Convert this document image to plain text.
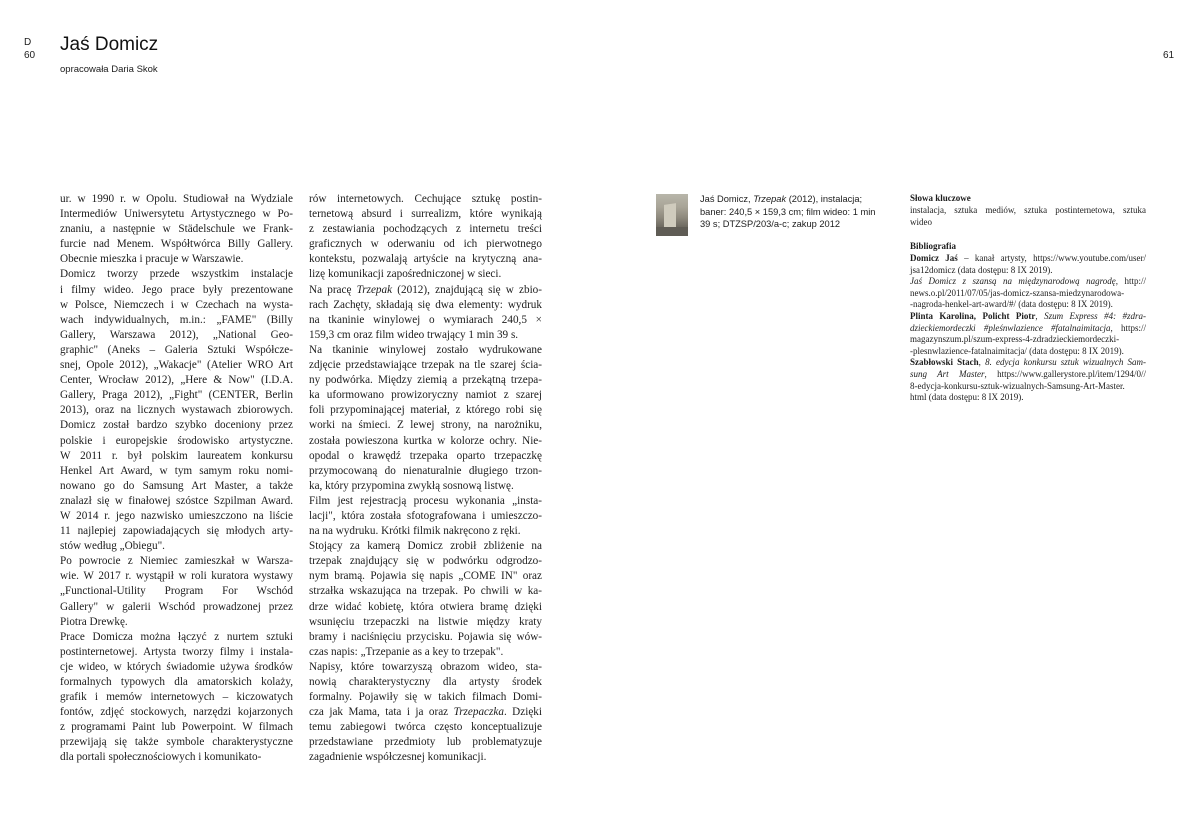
D
60	61
Jaś Domicz
opracowała Daria Skok
ur. w 1990 r. w Opolu. Studiował na Wydziale
Intermediów Uniwersytetu Artystycznego w Po-
znaniu, a następnie w Städelschule we Frank-
furcie nad Menem. Współtwórca Billy Gallery.
Obecnie mieszka i pracuje w Warszawie.
Domicz tworzy przede wszystkim instalacje
i filmy wideo. Jego prace były prezentowane
w Polsce, Niemczech i w Czechach na wysta-
wach indywidualnych, m.in.: „FAME" (Billy
Gallery, Warszawa 2012), „National Geo-
graphic" (Aneks – Galeria Sztuki Współcze-
snej, Opole 2012), „Wakacje" (Atelier WRO Art
Center, Wrocław 2012), „Here & Now" (I.D.A.
Gallery, Praga 2012), „Fight" (CENTER, Berlin
2013), oraz na licznych wystawach zbiorowych.
Domicz został bardzo szybko doceniony przez
polskie i europejskie środowisko artystyczne.
W 2011 r. był polskim laureatem konkursu
Henkel Art Award, w tym samym roku nomi-
nowano go do Samsung Art Master, a także
znalazł się w finałowej szóstce Szpilman Award.
W 2014 r. jego nazwisko umieszczono na liście
11 najlepiej zapowiadających się młodych arty-
stów według „Obiegu".
Po powrocie z Niemiec zamieszkał w Warsza-
wie. W 2017 r. wystąpił w roli kuratora wystawy
„Functional-Utility Program For Wschód
Gallery" w galerii Wschód prowadzonej przez
Piotra Drewkę.
Prace Domicza można łączyć z nurtem sztuki
postinternetowej. Artysta tworzy filmy i instala-
cje wideo, w których świadomie używa środków
formalnych typowych dla amatorskich kolaży,
grafik i memów internetowych – kiczowatych
fontów, zdjęć stockowych, narzędzi kojarzonych
z programami Paint lub Powerpoint. W filmach
przewijają się także symbole charakterystyczne
dla portali społecznościowych i komunikato-
rów internetowych. Cechujące sztukę postin-
ternetową absurd i surrealizm, które wynikają
z zestawiania pochodzących z internetu treści
graficznych w oderwaniu od ich pierwotnego
kontekstu, pozwalają artyście na krytyczną ana-
lizę komunikacji zapośredniczonej w sieci.
Na pracę Trzepak (2012), znajdującą się w zbio-
rach Zachęty, składają się dwa elementy: wydruk
na tkaninie winylowej o wymiarach 240,5 ×
159,3 cm oraz film wideo trwający 1 min 39 s.
Na tkaninie winylowej zostało wydrukowane
zdjęcie przedstawiające trzepak na tle szarej ścia-
ny podwórka. Między ziemią a przekątną trzepa-
ka uformowano prowizoryczny namiot z szarej
foli przypominającej materiał, z którego robi się
worki na śmieci. Z lewej strony, na narożniku,
została powieszona kurtka w kolorze ochry. Nie-
opodal o krawędź trzepaka oparto trzepaczkę
przymocowaną do nienaturalnie długiego trzon-
ka, który przypomina zwykłą sosnową listwę.
Film jest rejestracją procesu wykonania „insta-
lacji", która została sfotografowana i umieszczo-
na na wydruku. Krótki filmik nakręcono z ręki.
Stojący za kamerą Domicz zrobił zbliżenie na
trzepak znajdujący się w podwórku odgrodzo-
nym bramą. Pojawia się napis „COME IN" oraz
strzałka wskazująca na trzepak. Po chwili w ka-
drze widać kobietę, która otwiera bramę dzięki
wsunięciu trzepaczki na listwie między kraty
bramy i naciśnięciu przycisku. Pojawia się wów-
czas napis: „Trzepanie as a key to trzepak".
Napisy, które towarzyszą obrazom wideo, sta-
nowią charakterystyczny dla artysty środek
formalny. Pojawiły się w takich filmach Domi-
cza jak Mama, tata i ja oraz Trzepaczka. Dzięki
temu zabiegowi twórca często konceptualizuje
przedstawiane przedmioty lub problematyzuje
zagadnienie współczesnej komunikacji.
Jaś Domicz, Trzepak (2012), instalacja;
baner: 240,5 × 159,3 cm; film wideo: 1 min
39 s; DTZSP/203/a-c; zakup 2012
Słowa kluczowe
instalacja, sztuka mediów, sztuka postinternetowa, sztuka
wideo
Bibliografia
Domicz Jaś – kanał artysty, https://www.youtube.com/user/
jsa12domicz (data dostępu: 8 IX 2019).
Jaś Domicz z szansą na międzynarodową nagrodę, http://
news.o.pl/2011/07/05/jas-domicz-szansa-miedzynarodowa-
-nagroda-henkel-art-award/#/ (data dostępu: 8 IX 2019).
Plinta Karolina, Policht Piotr, Szum Express #4: #zdra-
dzieckiemordeczki #pleśnwlazience #fatalnaimitacja, https://
magazynszum.pl/szum-express-4-zdradzieckiemordeczki-
-plesnwlazience-fatalnaimitacja/ (data dostępu: 8 IX 2019).
Szabłowski Stach, 8. edycja konkursu sztuk wizualnych Sam-
sung Art Master, https://www.gallerystore.pl/item/1294/0//
8-edycja-konkursu-sztuk-wizualnych-Samsung-Art-Master.
html (data dostępu: 8 IX 2019).
